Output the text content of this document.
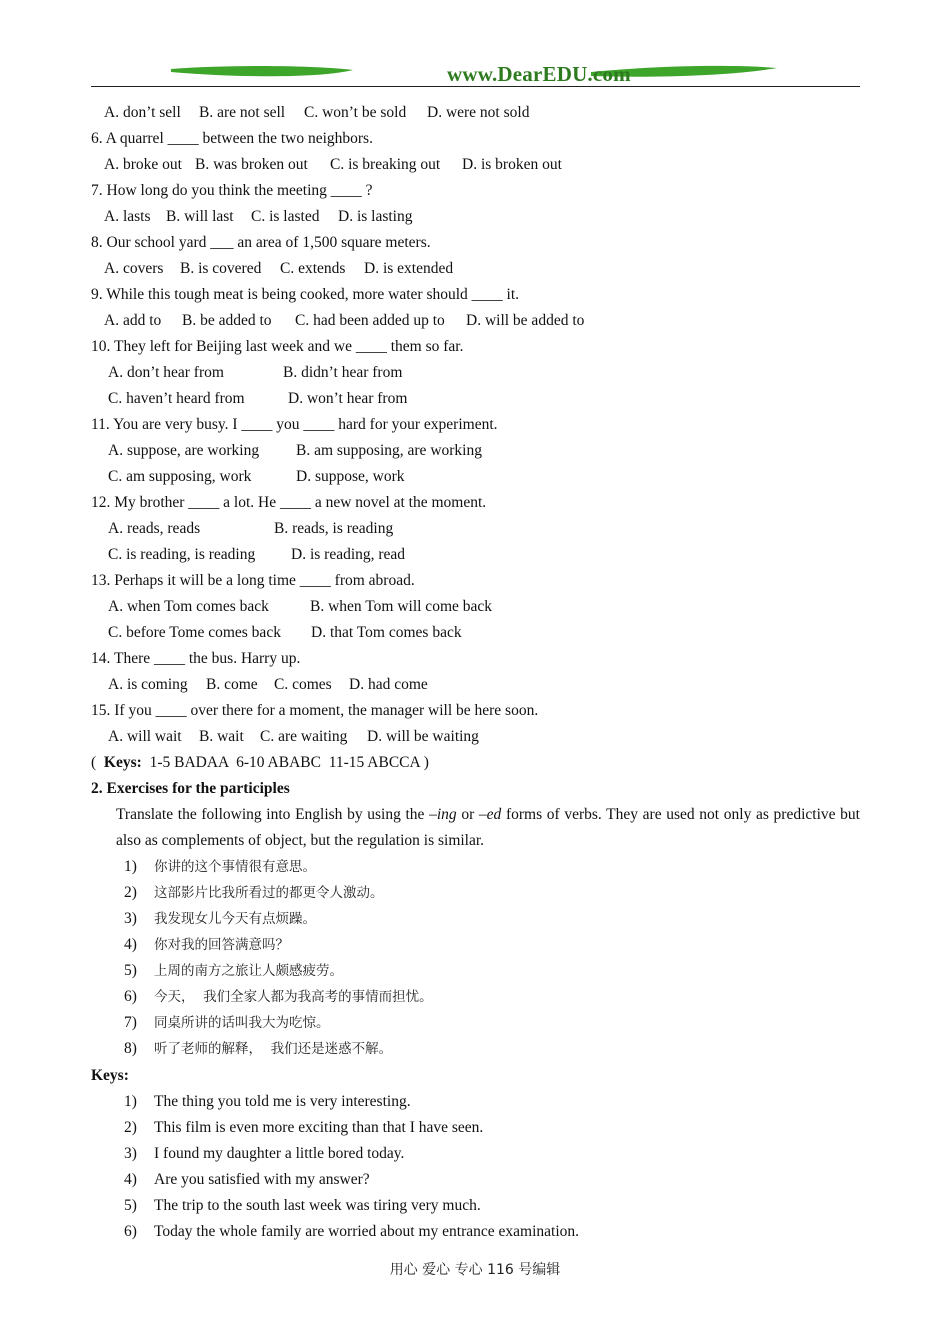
www.DearEDU.com
A. don’t sell B. are not sell C. won’t be sold D. were not sold
6. A quarrel ____ between the two neighbors.
A. broke out B. was broken out C. is breaking out D. is broken out
7. How long do you think the meeting ____ ?
A. lasts B. will last C. is lasted D. is lasting
8. Our school yard ___ an area of 1,500 square meters.
A. covers B. is covered C. extends D. is extended
9. While this tough meat is being cooked, more water should ____ it.
A. add to B. be added to C. had been added up to D. will be added to
10. They left for Beijing last week and we ____ them so far.
A. don’t hear from	B. didn’t hear from
C. haven’t heard from	D. won’t hear from
11. You are very busy. I ____ you ____ hard for your experiment.
A. suppose, are working B. am supposing, are working
C. am supposing, work	D. suppose, work
12. My brother ____ a lot. He ____ a new novel at the moment.
A. reads, reads	B. reads, is reading
C. is reading, is reading D. is reading, read
13. Perhaps it will be a long time ____ from abroad.
A. when Tom comes back	B. when Tom will come back
C. before Tome comes back D. that Tom comes back
14. There ____ the bus. Harry up.
A. is coming B. come C. comes D. had come
15. If you ____ over there for a moment, the manager will be here soon.
A. will wait B. wait C. are waiting D. will be waiting
( Keys: 1-5 BADAA  6-10 ABABC  11-15 ABCCA )
2. Exercises for the participles
Translate the following into English by using the –ing or –ed forms of verbs. They are used not only as predictive but also as complements of object, but the regulation is similar.
1) 你讲的这个事情很有意思。
2) 这部影片比我所看过的都更令人激动。
3) 我发现女儿今天有点烦躁。
4) 你对我的回答满意吗？
5) 上周的南方之旅让人颇感疲劳。
6) 今天，  我们全家人都为我高考的事情而担忧。
7) 同桌所讲的话叫我大为吃惊。
8) 听了老师的解释，  我们还是迷惑不解。
Keys:
1) The thing you told me is very interesting.
2) This film is even more exciting than that I have seen.
3) I found my daughter a little bored today.
4) Are you satisfied with my answer?
5) The trip to the south last week was tiring very much.
6) Today the whole family are worried about my entrance examination.
用心 爱心 专心 116 号编辑
